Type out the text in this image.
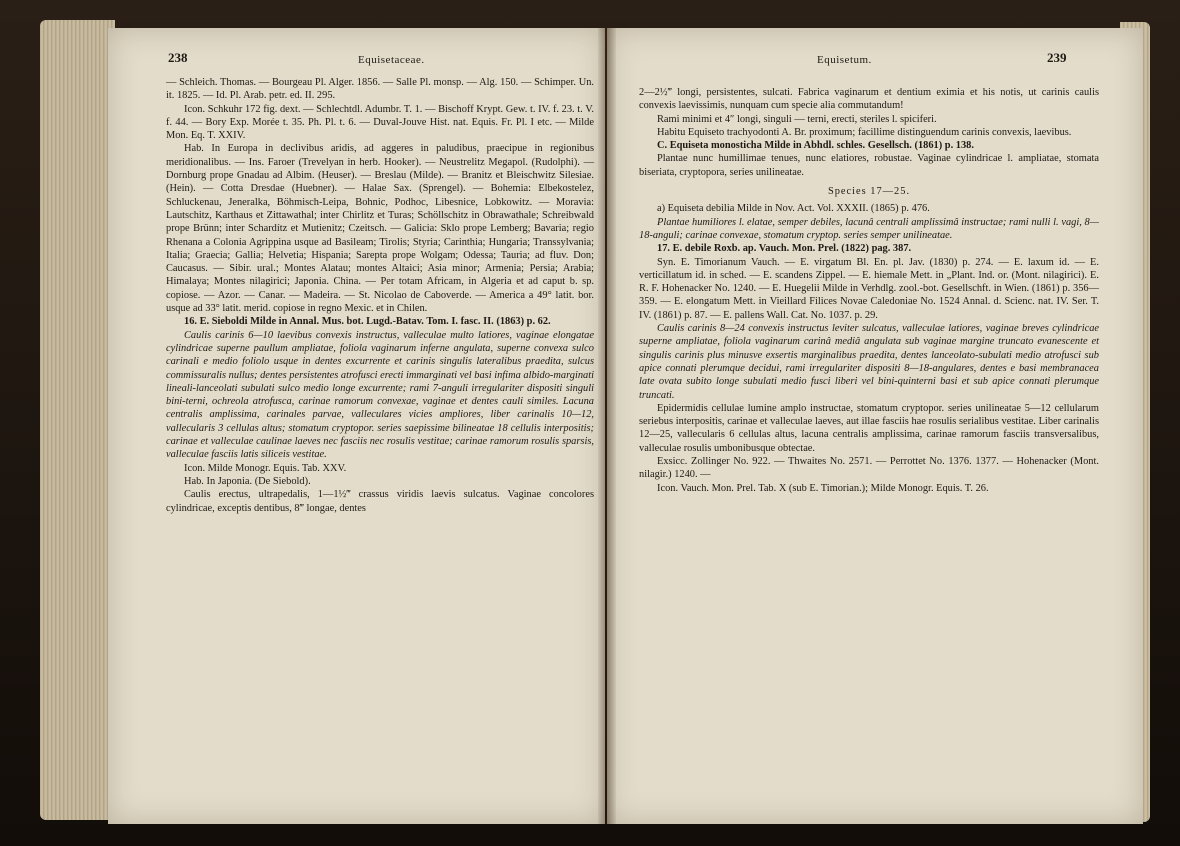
238	Equisetaceae.

— Schleich. Thomas. — Bourgeau Pl. Alger. 1856. — Salle Pl. monsp. — Alg. 150. — Schimper. Un. it. 1825. — Id. Pl. Arab. petr. ed. II. 295.

Icon. Schkuhr 172 fig. dext. — Schlechtdl. Adumbr. T. 1. — Bischoff Krypt. Gew. t. IV. f. 23. t. V. f. 44. — Bory Exp. Morée t. 35. Ph. Pl. t. 6. — Duval-Jouve Hist. nat. Equis. Fr. Pl. I etc. — Milde Mon. Eq. T. XXIV.

Hab. In Europa in declivibus aridis, ad aggeres in paludibus, praecipue in regionibus meridionalibus. — Ins. Faroer (Trevelyan in herb. Hooker). — Neustrelitz Megapol. (Rudolphi). — Dornburg prope Gnadau ad Albim. (Heuser). — Breslau (Milde). — Branitz et Bleischwitz Silesiae. (Hein). — Cotta Dresdae (Huebner). — Halae Sax. (Sprengel). — Bohemia: Elbekostelez, Schluckenau, Jeneralka, Böhmisch-Leipa, Bohnic, Podhoc, Libesnice, Lobkowitz. — Moravia: Lautschitz, Karthaus et Zittawathal; inter Chirlitz et Turas; Schöllschitz in Obrawathale; Schreibwald prope Brünn; inter Schardítz et Mutienitz; Czeitsch. — Galicia: Sklo prope Lemberg; Bavaria; regio Rhenana a Colonia Agrippina usque ad Basileam; Tirolis; Styria; Carinthia; Hungaria; Transsylvania; Italia; Graecia; Gallia; Helvetia; Hispania; Sarepta prope Wolgam; Odessa; Tauria; ad fluv. Don; Caucasus. — Sibir. ural.; Montes Alatau; montes Altaici; Asia minor; Armenia; Persia; Arabia; Himalaya; Montes nilagirici; Japonia. China. — Per totam Africam, in Algeria et ad caput b. sp. copiose. — Azor. — Canar. — Madeira. — St. Nicolao de Caboverde. — America a 49° latit. bor. usque ad 33° latit. merid. copiose in regno Mexic. et in Chilen.

16. E. Sieboldi Milde in Annal. Mus. bot. Lugd.-Batav. Tom. I. fasc. II. (1863) p. 62.

Caulis carinis 6—10 laevibus convexis instructus, valleculae multo latiores, vaginae elongatae cylindricae superne paullum ampliatae, foliola vaginarum inferne angulata, superne convexa sulco carinali e medio foliolo usque in dentes excurrente et carinis singulis lateralibus praedita, sulcus commissuralis nullus; dentes persistentes atrofusci erecti immarginati vel basi infima albido-marginati lineali-lanceolati subulati sulco medio longe excurrente; rami 7-anguli irregulariter dispositi singuli bini-terni, ochreola atrofusca, carinae ramorum convexae, vaginae et dentes cauli similes. Lacuna centralis amplissima, carinales parvae, valleculares vicies ampliores, liber carinalis 10—12, vallecularis 3 cellulas altus; stomatum cryptopor. series saepissime bilineatae 18 cellulis interpositis; carinae et valleculae caulinae laeves nec fasciis nec rosulis vestitae; carinae ramorum rosulis sparsis, valleculae fasciis latis siliceis vestitae.

Icon. Milde Monogr. Equis. Tab. XXV.

Hab. In Japonia. (De Siebold).

Caulis erectus, ultrapedalis, 1—1½‴ crassus viridis laevis sulcatus. Vaginae concolores cylindricae, exceptis dentibus, 8‴ longae, dentes

Equisetum.	239

2—2½‴ longi, persistentes, sulcati. Fabrica vaginarum et dentium eximia et his notis, ut carinis caulis convexis laevissimis, nunquam cum specie alia commutandum!

Rami minimi et 4″ longi, singuli — terni, erecti, steriles l. spiciferi.

Habitu Equiseto trachyodonti A. Br. proximum; facillime distinguendum carinis convexis, laevibus.

C. Equiseta monosticha Milde in Abhdl. schles. Gesellsch. (1861) p. 138.

Plantae nunc humillimae tenues, nunc elatiores, robustae. Vaginae cylindricae l. ampliatae, stomata biseriata, cryptopora, series unilineatae.

Species 17—25.

a) Equiseta debilia Milde in Nov. Act. Vol. XXXII. (1865) p. 476.

Plantae humiliores l. elatae, semper debiles, lacunâ centrali amplissimâ instructae; rami nulli l. vagi, 8—18-anguli; carinae convexae, stomatum cryptop. series semper unilineatae.

17. E. debile Roxb. ap. Vauch. Mon. Prel. (1822) pag. 387.

Syn. E. Timorianum Vauch. — E. virgatum Bl. En. pl. Jav. (1830) p. 274. — E. laxum id. — E. verticillatum id. in sched. — E. scandens Zippel. — E. hiemale Mett. in „Plant. Ind. or. (Mont. nilagirici). E. R. F. Hohenacker No. 1240. — E. Huegelii Milde in Verhdlg. zool.-bot. Gesellschft. in Wien. (1861) p. 356—359. — E. elongatum Mett. in Vieillard Filices Novae Caledoniae No. 1524 Annal. d. Scienc. nat. IV. Ser. T. IV. (1861) p. 87. — E. pallens Wall. Cat. No. 1037. p. 29.

Caulis carinis 8—24 convexis instructus leviter sulcatus, valleculae latiores, vaginae breves cylindricae superne ampliatae, foliola vaginarum carinâ mediâ angulata sub vaginae margine truncato evanescente et singulis carinis plus minusve exsertis marginalibus praedita, dentes lanceolato-subulati medio atrofusci sub apice connati plerumque decidui, rami irregulariter dispositi 8—18-angulares, dentes e basi membranacea late ovata subito longe subulati medio fusci liberi vel bini-quinterni basi et sub apice connati plerumque truncati.

Epidermidis cellulae lumine amplo instructae, stomatum cryptopor. series unilineatae 5—12 cellularum seriebus interpositis, carinae et valleculae laeves, aut illae fasciis hae rosulis serialibus vestitae. Liber carinalis 12—25, vallecularis 6 cellulas altus, lacuna centralis amplissima, carinae ramorum fasciis transversalibus, valleculae rosulis umbonibusque obtectae.

Exsicc. Zollinger No. 922. — Thwaites No. 2571. — Perrottet No. 1376. 1377. — Hohenacker (Mont. nilagir.) 1240. —

Icon. Vauch. Mon. Prel. Tab. X (sub E. Timorian.); Milde Monogr. Equis. T. 26.
